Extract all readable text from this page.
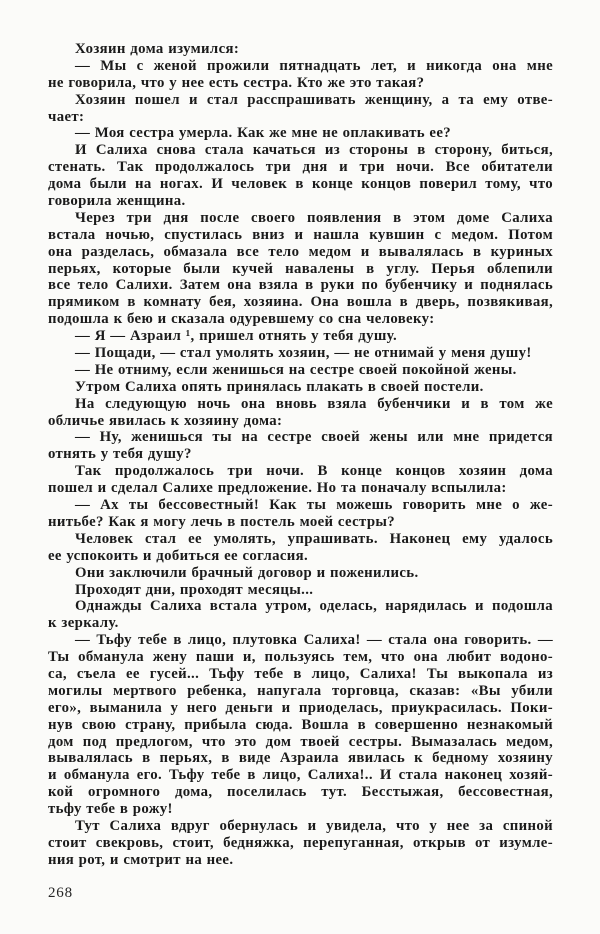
Хозяин дома изумился:

— Мы с женой прожили пятнадцать лет, и никогда она мне
не говорила, что у нее есть сестра. Кто же это такая?

Хозяин пошел и стал расспрашивать женщину, а та ему отве-
чает:

— Моя сестра умерла. Как же мне не оплакивать ее?

И Салиха снова стала качаться из стороны в сторону, биться,
стенать. Так продолжалось три дня и три ночи. Все обитатели
дома были на ногах. И человек в конце концов поверил тому, что
говорила женщина.

Через три дня после своего появления в этом доме Салиха
встала ночью, спустилась вниз и нашла кувшин с медом. Потом
она разделась, обмазала все тело медом и вывалялась в куриных
перьях, которые были кучей навалены в углу. Перья облепили
все тело Салихи. Затем она взяла в руки по бубенчику и поднялась
прямиком в комнату бея, хозяина. Она вошла в дверь, позвякивая,
подошла к бею и сказала одуревшему со сна человеку:

— Я — Азраил ¹, пришел отнять у тебя душу.

— Пощади, — стал умолять хозяин, — не отнимай у меня душу!

— Не отниму, если женишься на сестре своей покойной жены.

Утром Салиха опять принялась плакать в своей постели.

На следующую ночь она вновь взяла бубенчики и в том же
обличье явилась к хозяину дома:

— Ну, женишься ты на сестре своей жены или мне придется
отнять у тебя душу?

Так продолжалось три ночи. В конце концов хозяин дома
пошел и сделал Салихе предложение. Но та поначалу вспылила:

— Ах ты бессовестный! Как ты можешь говорить мне о же-
нитьбе? Как я могу лечь в постель моей сестры?

Человек стал ее умолять, упрашивать. Наконец ему удалось
ее успокоить и добиться ее согласия.

Они заключили брачный договор и поженились.

Проходят дни, проходят месяцы...

Однажды Салиха встала утром, оделась, нарядилась и подошла
к зеркалу.

— Тьфу тебе в лицо, плутовка Салиха! — стала она говорить. —
Ты обманула жену паши и, пользуясь тем, что она любит водоно-
са, съела ее гусей... Тьфу тебе в лицо, Салиха! Ты выкопала из
могилы мертвого ребенка, напугала торговца, сказав: «Вы убили
его», выманила у него деньги и приоделась, приукрасилась. Поки-
нув свою страну, прибыла сюда. Вошла в совершенно незнакомый
дом под предлогом, что это дом твоей сестры. Вымазалась медом,
вывалялась в перьях, в виде Азраила явилась к бедному хозяину
и обманула его. Тьфу тебе в лицо, Салиха!.. И стала наконец хозяй-
кой огромного дома, поселилась тут. Бесстыжая, бессовестная,
тьфу тебе в рожу!

Тут Салиха вдруг обернулась и увидела, что у нее за спиной
стоит свекровь, стоит, бедняжка, перепуганная, открыв от изумле-
ния рот, и смотрит на нее.

268
